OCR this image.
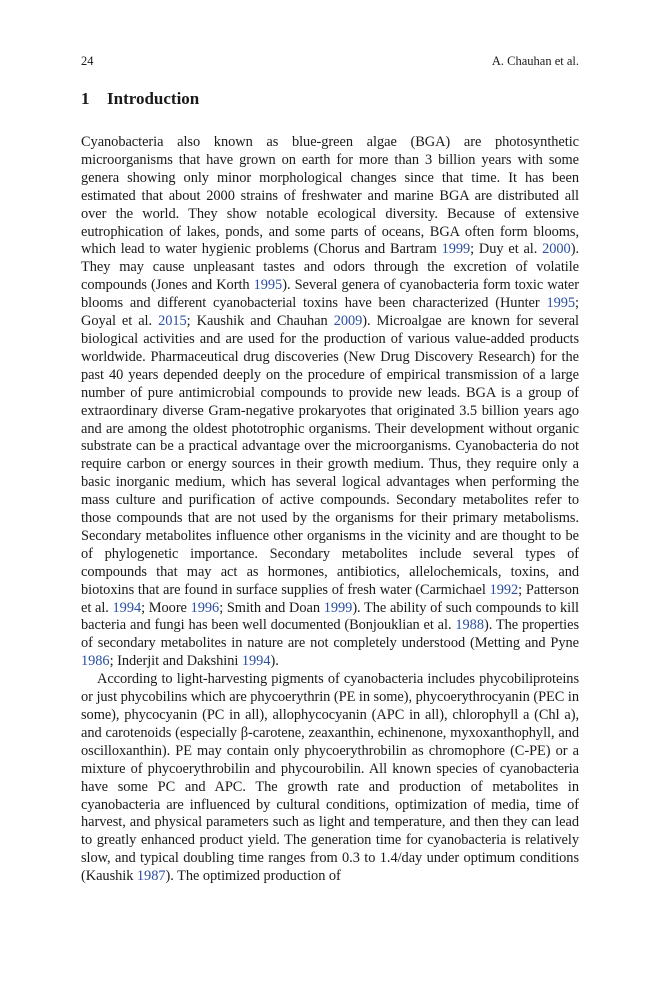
24	A. Chauhan et al.
1 Introduction

Cyanobacteria also known as blue-green algae (BGA) are photosynthetic microorganisms that have grown on earth for more than 3 billion years with some genera showing only minor morphological changes since that time. It has been estimated that about 2000 strains of freshwater and marine BGA are distributed all over the world. They show notable ecological diversity. Because of extensive eutrophication of lakes, ponds, and some parts of oceans, BGA often form blooms, which lead to water hygienic problems (Chorus and Bartram 1999; Duy et al. 2000). They may cause unpleasant tastes and odors through the excretion of volatile compounds (Jones and Korth 1995). Several genera of cyanobacteria form toxic water blooms and different cyanobacterial toxins have been characterized (Hunter 1995; Goyal et al. 2015; Kaushik and Chauhan 2009). Microalgae are known for several biological activities and are used for the production of various value-added products worldwide. Pharmaceutical drug discoveries (New Drug Discovery Research) for the past 40 years depended deeply on the procedure of empirical transmission of a large number of pure antimicrobial compounds to provide new leads. BGA is a group of extraordinary diverse Gram-negative prokaryotes that originated 3.5 billion years ago and are among the oldest phototrophic organisms. Their development without organic substrate can be a practical advantage over the microorganisms. Cyanobacteria do not require carbon or energy sources in their growth medium. Thus, they require only a basic inorganic medium, which has several logical advantages when performing the mass culture and purification of active compounds. Secondary metabolites refer to those compounds that are not used by the organisms for their primary metabolisms. Secondary metabolites influence other organisms in the vicinity and are thought to be of phylogenetic importance. Secondary metabolites include several types of compounds that may act as hormones, antibiotics, allelochemicals, toxins, and biotoxins that are found in surface supplies of fresh water (Carmichael 1992; Patterson et al. 1994; Moore 1996; Smith and Doan 1999). The ability of such compounds to kill bacteria and fungi has been well documented (Bonjouklian et al. 1988). The properties of secondary metabolites in nature are not completely understood (Metting and Pyne 1986; Inderjit and Dakshini 1994).

According to light-harvesting pigments of cyanobacteria includes phycobiliproteins or just phycobilins which are phycoerythrin (PE in some), phycoerythrocyanin (PEC in some), phycocyanin (PC in all), allophycocyanin (APC in all), chlorophyll a (Chl a), and carotenoids (especially β-carotene, zeaxanthin, echinenone, myxoxanthophyll, and oscilloxanthin). PE may contain only phycoerythrobilin as chromophore (C-PE) or a mixture of phycoerythrobilin and phycourobilin. All known species of cyanobacteria have some PC and APC. The growth rate and production of metabolites in cyanobacteria are influenced by cultural conditions, optimization of media, time of harvest, and physical parameters such as light and temperature, and then they can lead to greatly enhanced product yield. The generation time for cyanobacteria is relatively slow, and typical doubling time ranges from 0.3 to 1.4/day under optimum conditions (Kaushik 1987). The optimized production of
